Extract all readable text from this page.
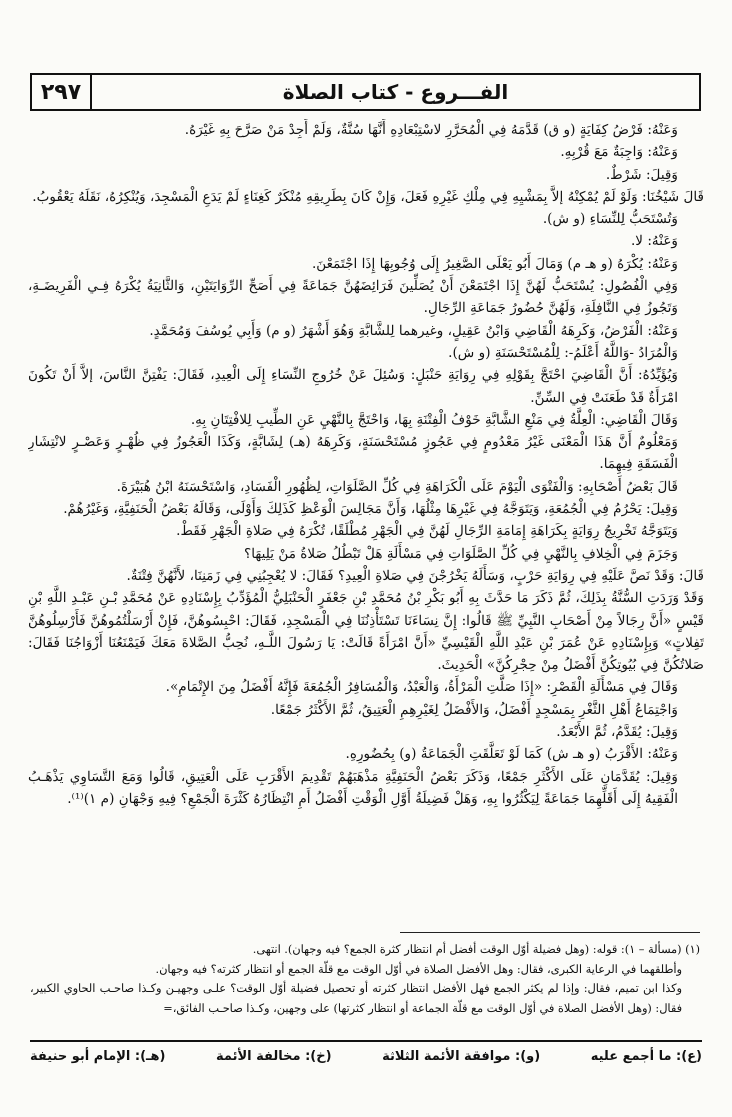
٢٩٧	الفـــروع - كتاب الصلاة

وَعَنْهُ: فَرْضُ كِفَايَةٍ (و ق) قَدَّمَهُ فِي الْمُحَرَّرِ لاسْتِبْعَادِهِ أَنَّهَا سُنَّةٌ، وَلَمْ أَجِدْ مَنْ صَرَّحَ بِهِ غَيْرَهُ.

وَعَنْهُ: وَاجِبَةٌ مَعَ قُرْبِهِ.

وَقِيلَ: شَرْطٌ.

قَالَ شَيْخُنَا: وَلَوْ لَمْ يُمْكِنْهُ إلاَّ بِمَشْيِهِ فِي مِلْكِ غَيْرِهِ فَعَلَ، وَإِنْ كَانَ بِطَرِيقِهِ مُنْكَرٌ كَغِنَاءٍ لَمْ يَدَعِ الْمَسْجِدَ، وَيُنْكِرُهُ، نَقَلَهُ يَعْقُوبُ.

وَتُسْتَحَبُّ لِلنِّسَاءِ (و ش).

وَعَنْهُ: لا.

وَعَنْهُ: يُكْرَهُ (و هـ م) وَمَالَ أَبُو يَعْلَى الصَّغِيرُ إِلَى وُجُوبِهَا إِذَا اجْتَمَعْنَ.

وَفِي الْفُصُولِ: يُسْتَحَبُّ لَهُنَّ إِذَا اجْتَمَعْنَ أَنْ يُصَلِّينَ فَرَائِضَهُنَّ جَمَاعَةً فِي أَصَحِّ الرِّوَايَتَيْنِ، وَالثَّانِيَةُ يُكْرَهُ فِـي الْفَرِيضَـةِ، وَتَجُوزُ فِي النَّافِلَةِ، وَلَهُنَّ حُضُورُ جَمَاعَةِ الرِّجَالِ.

وَعَنْهُ: الْفَرْضُ، وَكَرِهَهُ الْقَاضِي وَابْنُ عَقِيلٍ، وغيرهما لِلشَّابَّةِ وَهُوَ أَشْهَرُ (و م) وَأَبِي يُوسُفَ وَمُحَمَّدٍ.

وَالْمُرَادُ -وَاللَّهُ أَعْلَمُ-: لِلْمُسْتَحْسَنَةِ (و ش).

وَيُؤَيِّدُهُ: أَنَّ الْقَاضِيَ احْتَجَّ بِقَوْلِهِ فِي رِوَايَةِ حَنْبَلٍ: وَسُئِلَ عَنْ خُرُوجِ النِّسَاءِ إِلَى الْعِيدِ، فَقَالَ: يَفْتِنَّ النَّاسَ، إلاَّ أَنْ تَكُونَ امْرَأَةٌ قَدْ طَعَنَتْ فِي السِّنِّ.

وَقَالَ الْقَاضِي: الْعِلَّةُ فِي مَنْعِ الشَّابَّةِ خَوْفُ الْفِتْنَةِ بِهَا، وَاحْتَجَّ بِالنَّهْيِ عَنِ الطِّيبِ لِلافْتِتَانِ بِهِ.

وَمَعْلُومٌ أَنَّ هَذَا الْمَعْنَى غَيْرُ مَعْدُومٍ فِي عَجُوزٍ مُسْتَحْسَنَةٍ، وَكَرِهَهُ (هـ) لِشَابَّةٍ، وَكَذَا الْعَجُوزُ فِي ظُهْـرٍ وَعَصْـرٍ لانْتِشَارِ الْفَسَقَةِ فِيهِمَا.

قَالَ بَعْضُ أَصْحَابِهِ: وَالْفَتْوَى الْيَوْمَ عَلَى الْكَرَاهَةِ فِي كُلِّ الصَّلَوَاتِ، لِظُهُورِ الْفَسَادِ، وَاسْتَحْسَنَهُ ابْنُ هُبَيْرَةَ.

وَقِيلَ: يَحْرُمُ فِي الْجُمُعَةِ، وَيَتَوَجَّهُ فِي غَيْرِهَا مِثْلُهَا، وَأَنَّ مَجَالِسَ الْوَعْظِ كَذَلِكَ وَأَوْلَى، وَقَالَهُ بَعْضُ الْحَنَفِيَّةِ، وَغَيْرُهُمْ.

وَيَتَوَجَّهُ تَخْرِيجُ رِوَايَةٍ بِكَرَاهَةِ إِمَامَةِ الرِّجَالِ لَهُنَّ فِي الْجَهْرِ مُطْلَقًا، تُكْرَهُ فِي صَلاةِ الْجَهْرِ فَقَطْ.

وَجَزَمَ فِي الْخِلافِ بِالنَّهْيِ فِي كُلِّ الصَّلَوَاتِ فِي مَسْأَلَةِ هَلْ تَبْطُلُ صَلاةُ مَنْ يَلِيهَا؟

قَالَ: وَقَدْ نَصَّ عَلَيْهِ فِي رِوَايَةِ حَرْبٍ، وَسَأَلَهُ يَخْرُجْنَ فِي صَلاةِ الْعِيدِ؟ فَقَالَ: لا يُعْجِبُنِي فِي زَمَنِنَا، لأَنَّهُنَّ فِتْنَةٌ.

وَقَدْ وَرَدَتِ السُّنَّةُ بِذَلِكَ، ثُمَّ ذَكَرَ مَا حَدَّثَ بِهِ أَبُو بَكْرِ بْنُ مُحَمَّدِ بْنِ جَعْفَرٍ الْحَنْبَلِيُّ الْمُؤَدِّبُ بِإِسْنَادِهِ عَنْ مُحَمَّدِ بْـنِ عَبْـدِ اللَّهِ بْنِ قَيْسٍ «أَنَّ رِجَالاً مِنْ أَصْحَابِ النَّبِيِّ ﷺ قَالُوا: إِنَّ نِسَاءَنَا تَسْتَأْذِنُنَا فِي الْمَسْجِدِ، فَقَالَ: احْبِسُوهُنَّ، فَإِنْ أَرْسَلْتُمُوهُنَّ فَأَرْسِلُوهُنَّ تَفِلاتٍ» وَبِإِسْنَادِهِ عَنْ عُمَرَ بْنِ عَبْدِ اللَّهِ الْقَيْسِيِّ «أَنَّ امْرَأَةً قَالَتْ: يَا رَسُولَ اللَّـهِ، نُحِبُّ الصَّلاةَ مَعَكَ فَيَمْنَعُنَا أَزْوَاجُنَا فَقَالَ: صَلاتُكُنَّ فِي بُيُوتِكُنَّ أَفْضَلُ مِنْ حِجْرِكُنَّ» الْحَدِيثَ.

وَقَالَ فِي مَسْأَلَةِ الْقَصْرِ: «إِذَا صَلَّتِ الْمَرْأَةُ، وَالْعَبْدُ، وَالْمُسَافِرُ الْجُمُعَةَ فَإِنَّهُ أَفْضَلُ مِنَ الإِتْمَامِ».

وَاجْتِمَاعُ أَهْلِ الثَّغْرِ بِمَسْجِدٍ أَفْضَلُ، وَالأَفْضَلُ لِغَيْرِهِمِ الْعَتِيقُ، ثُمَّ الأَكْثَرُ جَمْعًا.

وَقِيلَ: يُقَدَّمُ، ثُمَّ الأَبْعَدُ.

وَعَنْهُ: الأَقْرَبُ (و هـ ش) كَمَا لَوْ تَعَلَّقَتِ الْجَمَاعَةُ (و) بِحُضُورِهِ.

وَقِيلَ: يُقَدَّمَانِ عَلَى الأَكْثَرِ جَمْعًا، وَذَكَرَ بَعْضُ الْحَنَفِيَّةِ مَذْهَبَهُمْ تَقْدِيمَ الأَقْرَبِ عَلَى الْعَتِيقِ، قَالُوا وَمَعَ التَّسَاوِي يَذْهَـبُ الْفَقِيهُ إِلَى أَقَلِّهِمَا جَمَاعَةً لِيَكْثُرُوا بِهِ، وَهَلْ فَضِيلَةُ أَوَّلِ الْوَقْتِ أَفْضَلُ أَمِ انْتِظَارُهُ كَثْرَةَ الْجَمْعِ؟ فِيهِ وَجْهَانِ (م ١)⁽¹⁾.

(١) (مسألة – ١): قوله: (وهل فضيلة أوّل الوقت أفضل أم انتظار كثرة الجمع؟ فيه وجهان). انتهى.

وأطلقهما في الرعاية الكبرى، فقال: وهل الأفضل الصلاة في أوّل الوقت مع قلّة الجمع أو انتظار كثرته؟ فيه وجهان.

وكذا ابن تميم، فقال: وإذا لم يكثر الجمع فهل الأفضل انتظار كثرته أو تحصيل فضيلة أوّل الوقت؟ علـى وجهيـن وكـذا صاحـب الحاوي الكبير، فقال: (وهل الأفضل الصلاة في أوّل الوقت مع قلّة الجماعة أو انتظار كثرتها) على وجهين، وكـذا صاحـب الفائق،=

(ع): ما أجمع عليه
(و): موافقة الأئمة الثلاثة
(خ): مخالفة الأئمة
(هـ): الإمام أبو حنيفة
